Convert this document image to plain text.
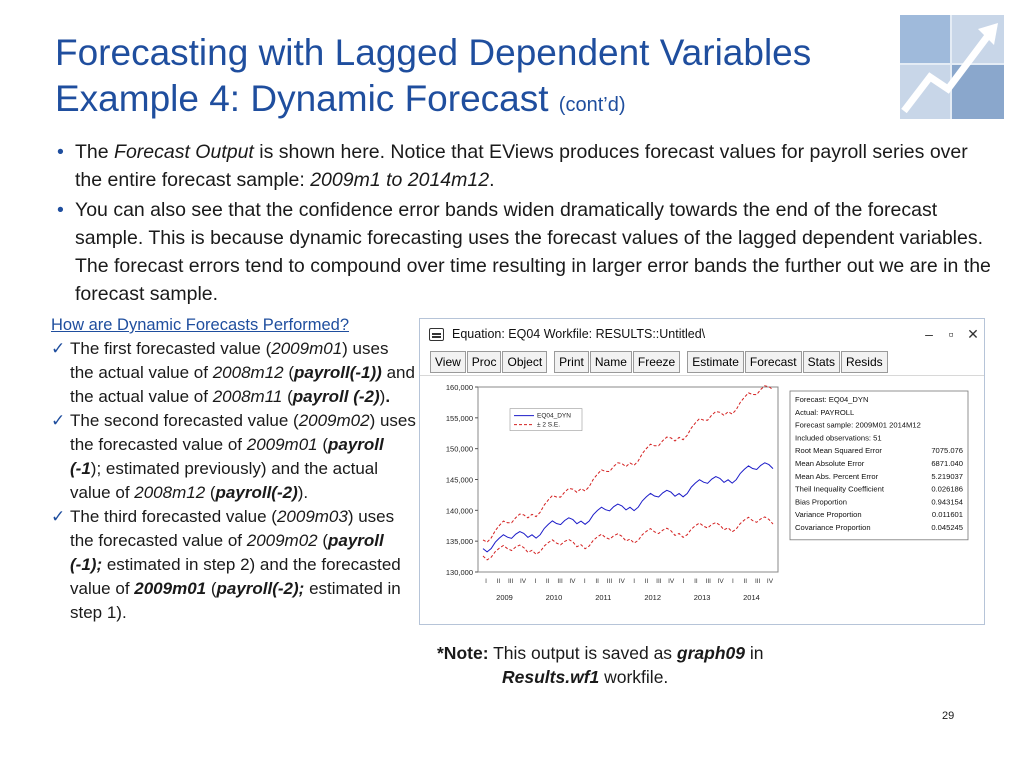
Forecasting with Lagged Dependent Variables
Example 4: Dynamic Forecast (cont’d)
• The Forecast Output is shown here. Notice that EViews produces forecast values for payroll series over the entire forecast sample: 2009m1 to 2014m12.
• You can also see that the confidence error bands widen dramatically towards the end of the forecast sample. This is because dynamic forecasting uses the forecast values of the lagged dependent variables. The forecast errors tend to compound over time resulting in larger error bands the further out we are in the forecast sample.
How are Dynamic Forecasts Performed?
✓ The first forecasted value (2009m01) uses the actual value of 2008m12 (payroll(-1)) and the actual value of 2008m11 (payroll (-2)).
✓ The second forecasted value (2009m02) uses the forecasted value of 2009m01 (payroll (-1); estimated previously) and the actual value of 2008m12 (payroll(-2)).
✓ The third forecasted value (2009m03) uses the forecasted value of 2009m02 (payroll (-1); estimated in step 2) and the forecasted value of 2009m01 (payroll(-2); estimated in step 1).
Equation: EQ04 Workfile: RESULTS::Untitled\	–	▫ ✕
View Proc Object	Print Name Freeze	Estimate Forecast Stats Resids
130,000
135,000
140,000
145,000
150,000
155,000
160,000
I II III IV I II III IV I II III IV I II III IV I II III IV I II III IV
2009	2010	2011	2012	2013	2014
EQ04_DYN
± 2 S.E.
Forecast: EQ04_DYN
Actual: PAYROLL
Forecast sample: 2009M01 2014M12
Included observations: 51
Root Mean Squared Error	7075.076
Mean Absolute Error	6871.040
Mean Abs. Percent Error	5.219037
Theil Inequality Coefficient	0.026186
Bias Proportion	0.943154
Variance Proportion	0.011601
Covariance Proportion	0.045245
*Note: This output is saved as graph09 in
Results.wf1 workfile.
29
